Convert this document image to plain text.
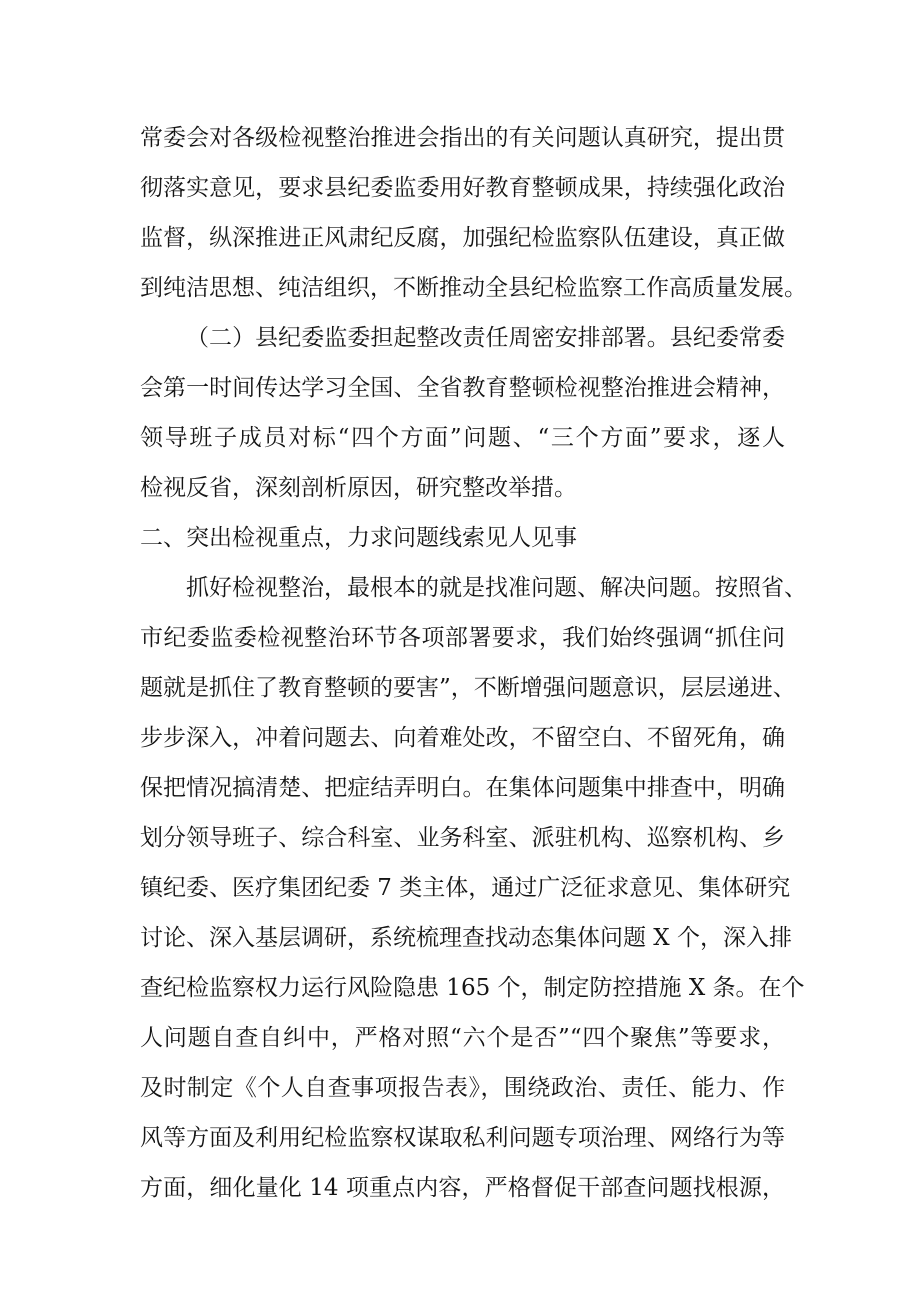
常委会对各级检视整治推进会指出的有关问题认真研究，提出贯
彻落实意见，要求县纪委监委用好教育整顿成果，持续强化政治
监督，纵深推进正风肃纪反腐，加强纪检监察队伍建设，真正做
到纯洁思想、纯洁组织，不断推动全县纪检监察工作高质量发展。
（二）县纪委监委担起整改责任周密安排部署。县纪委常委
会第一时间传达学习全国、全省教育整顿检视整治推进会精神，
领导班子成员对标“四个方面”问题、“三个方面”要求，逐人
检视反省，深刻剖析原因，研究整改举措。
二、突出检视重点，力求问题线索见人见事
抓好检视整治，最根本的就是找准问题、解决问题。按照省、
市纪委监委检视整治环节各项部署要求，我们始终强调“抓住问
题就是抓住了教育整顿的要害”，不断增强问题意识，层层递进、
步步深入，冲着问题去、向着难处改，不留空白、不留死角，确
保把情况搞清楚、把症结弄明白。在集体问题集中排查中，明确
划分领导班子、综合科室、业务科室、派驻机构、巡察机构、乡
镇纪委、医疗集团纪委 7 类主体，通过广泛征求意见、集体研究
讨论、深入基层调研，系统梳理查找动态集体问题 X 个，深入排
查纪检监察权力运行风险隐患 165 个，制定防控措施 X 条。在个
人问题自查自纠中，严格对照“六个是否”“四个聚焦”等要求，
及时制定《个人自查事项报告表》，围绕政治、责任、能力、作
风等方面及利用纪检监察权谋取私利问题专项治理、网络行为等
方面，细化量化 14 项重点内容，严格督促干部查问题找根源，
